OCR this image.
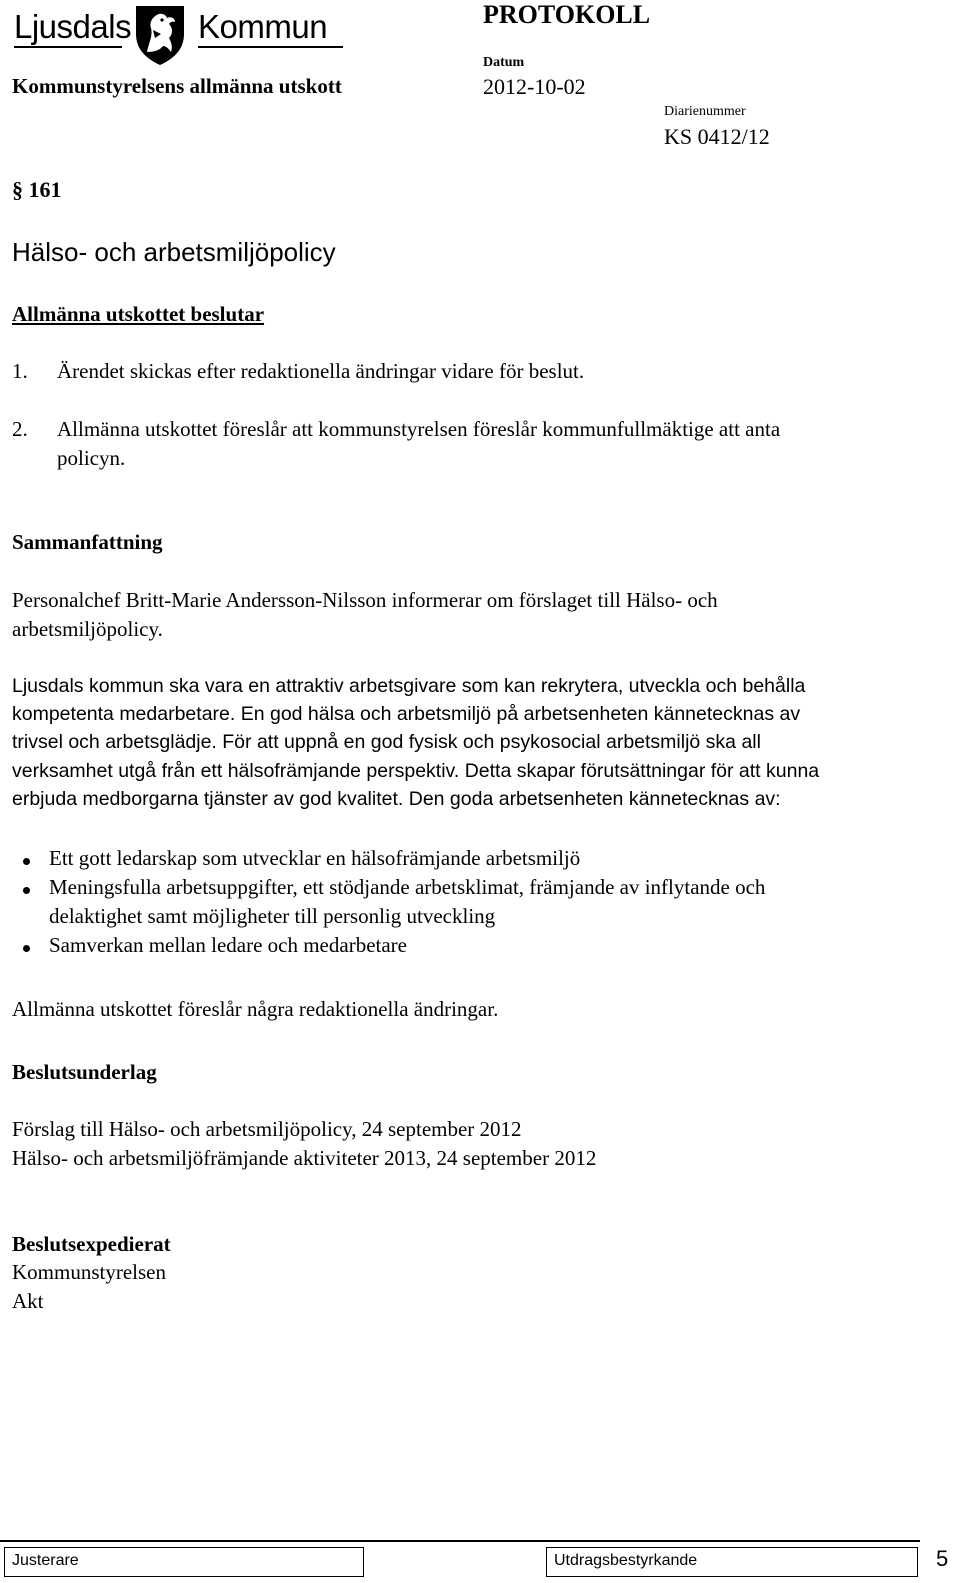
Ljusdals Kommun	PROTOKOLL
Kommunstyrelsens allmänna utskott
Datum
2012-10-02
Diarienummer
KS 0412/12
§ 161
Hälso- och arbetsmiljöpolicy
Allmänna utskottet beslutar
1. Ärendet skickas efter redaktionella ändringar vidare för beslut.
2. Allmänna utskottet föreslår att kommunstyrelsen föreslår kommunfullmäktige att anta
policyn.
Sammanfattning
Personalchef Britt-Marie Andersson-Nilsson informerar om förslaget till Hälso- och
arbetsmiljöpolicy.
Ljusdals kommun ska vara en attraktiv arbetsgivare som kan rekrytera, utveckla och behålla
kompetenta medarbetare. En god hälsa och arbetsmiljö på arbetsenheten kännetecknas av
trivsel och arbetsglädje. För att uppnå en god fysisk och psykosocial arbetsmiljö ska all
verksamhet utgå från ett hälsofrämjande perspektiv. Detta skapar förutsättningar för att kunna
erbjuda medborgarna tjänster av god kvalitet. Den goda arbetsenheten kännetecknas av:
Ett gott ledarskap som utvecklar en hälsofrämjande arbetsmiljö
Meningsfulla arbetsuppgifter, ett stödjande arbetsklimat, främjande av inflytande och
delaktighet samt möjligheter till personlig utveckling
Samverkan mellan ledare och medarbetare
Allmänna utskottet föreslår några redaktionella ändringar.
Beslutsunderlag
Förslag till Hälso- och arbetsmiljöpolicy, 24 september 2012
Hälso- och arbetsmiljöfrämjande aktiviteter 2013, 24 september 2012
Beslutsexpedierat
Kommunstyrelsen
Akt
Justerare	Utdragsbestyrkande	5
